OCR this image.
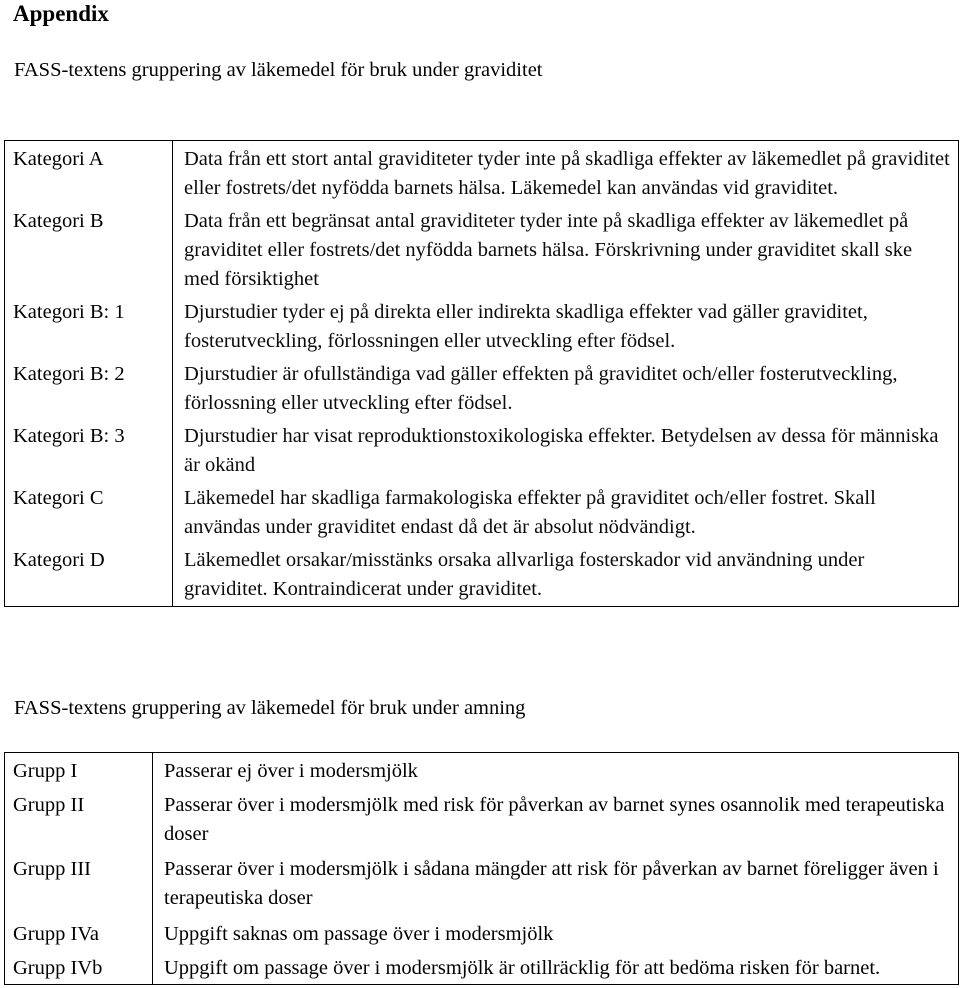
Appendix
FASS-textens gruppering av läkemedel för bruk under graviditet
Kategori A	Data från ett stort antal graviditeter tyder inte på skadliga effekter av läkemedlet på graviditet eller fostrets/det nyfödda barnets hälsa. Läkemedel kan användas vid graviditet.
Kategori B	Data från ett begränsat antal graviditeter tyder inte på skadliga effekter av läkemedlet på graviditet eller fostrets/det nyfödda barnets hälsa. Förskrivning under graviditet skall ske med försiktighet
Kategori B: 1	Djurstudier tyder ej på direkta eller indirekta skadliga effekter vad gäller graviditet, fosterutveckling, förlossningen eller utveckling efter födsel.
Kategori B: 2	Djurstudier är ofullständiga vad gäller effekten på graviditet och/eller fosterutveckling, förlossning eller utveckling efter födsel.
Kategori B: 3	Djurstudier har visat reproduktionstoxikologiska effekter. Betydelsen av dessa för människa är okänd
Kategori C	Läkemedel har skadliga farmakologiska effekter på graviditet och/eller fostret. Skall användas under graviditet endast då det är absolut nödvändigt.
Kategori D	Läkemedlet orsakar/misstänks orsaka allvarliga fosterskador vid användning under graviditet. Kontraindicerat under graviditet.
FASS-textens gruppering av läkemedel för bruk under amning
Grupp I	Passerar ej över i modersmjölk
Grupp II	Passerar över i modersmjölk med risk för påverkan av barnet synes osannolik med terapeutiska doser
Grupp III	Passerar över i modersmjölk i sådana mängder att risk för påverkan av barnet föreligger även i terapeutiska doser
Grupp IVa	Uppgift saknas om passage över i modersmjölk
Grupp IVb	Uppgift om passage över i modersmjölk är otillräcklig för att bedöma risken för barnet.
